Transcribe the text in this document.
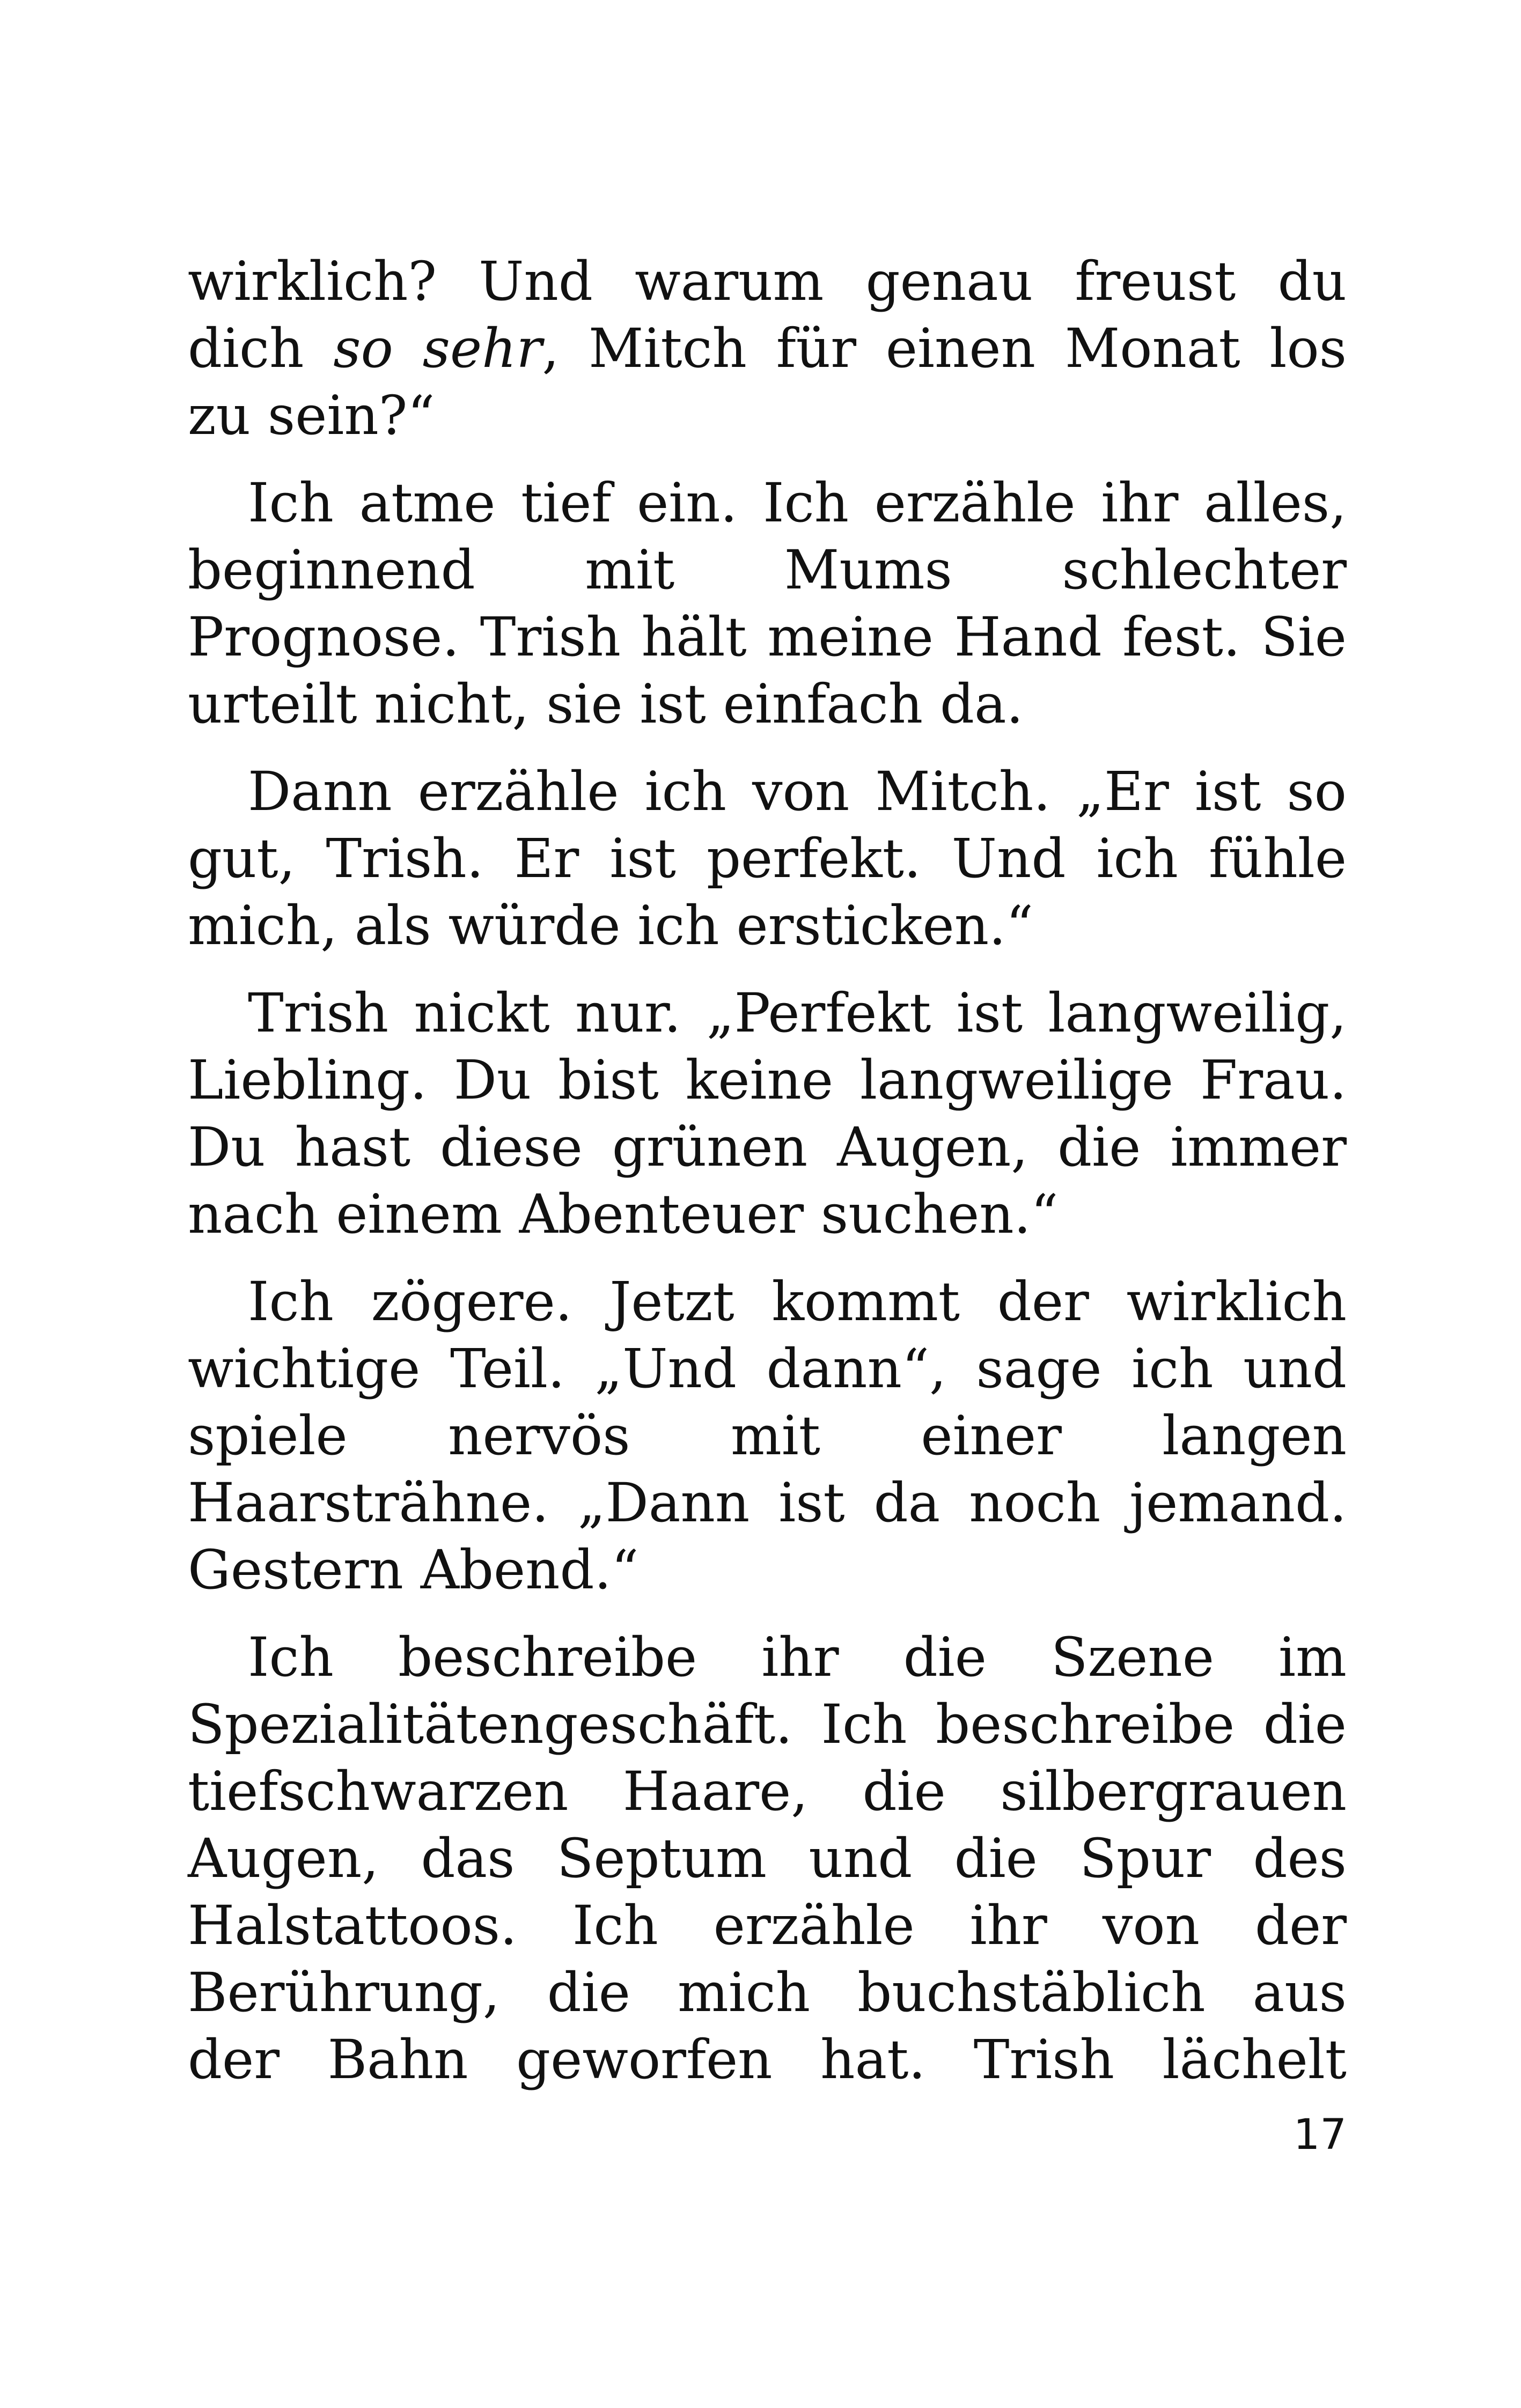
wirklich? Und warum genau freust du
dich so sehr, Mitch für einen Monat los
zu sein?“
Ich atme tief ein. Ich erzähle ihr alles,
beginnend mit Mums schlechter
Prognose. Trish hält meine Hand fest. Sie
urteilt nicht, sie ist einfach da.
Dann erzähle ich von Mitch. „Er ist so
gut, Trish. Er ist perfekt. Und ich fühle
mich, als würde ich ersticken.“
Trish nickt nur. „Perfekt ist langweilig,
Liebling. Du bist keine langweilige Frau.
Du hast diese grünen Augen, die immer
nach einem Abenteuer suchen.“
Ich zögere. Jetzt kommt der wirklich
wichtige Teil. „Und dann“, sage ich und
spiele nervös mit einer langen
Haarsträhne. „Dann ist da noch jemand.
Gestern Abend.“
Ich beschreibe ihr die Szene im
Spezialitätengeschäft. Ich beschreibe die
tiefschwarzen Haare, die silbergrauen
Augen, das Septum und die Spur des
Halstattoos. Ich erzähle ihr von der
Berührung, die mich buchstäblich aus
der Bahn geworfen hat. Trish lächelt
17
